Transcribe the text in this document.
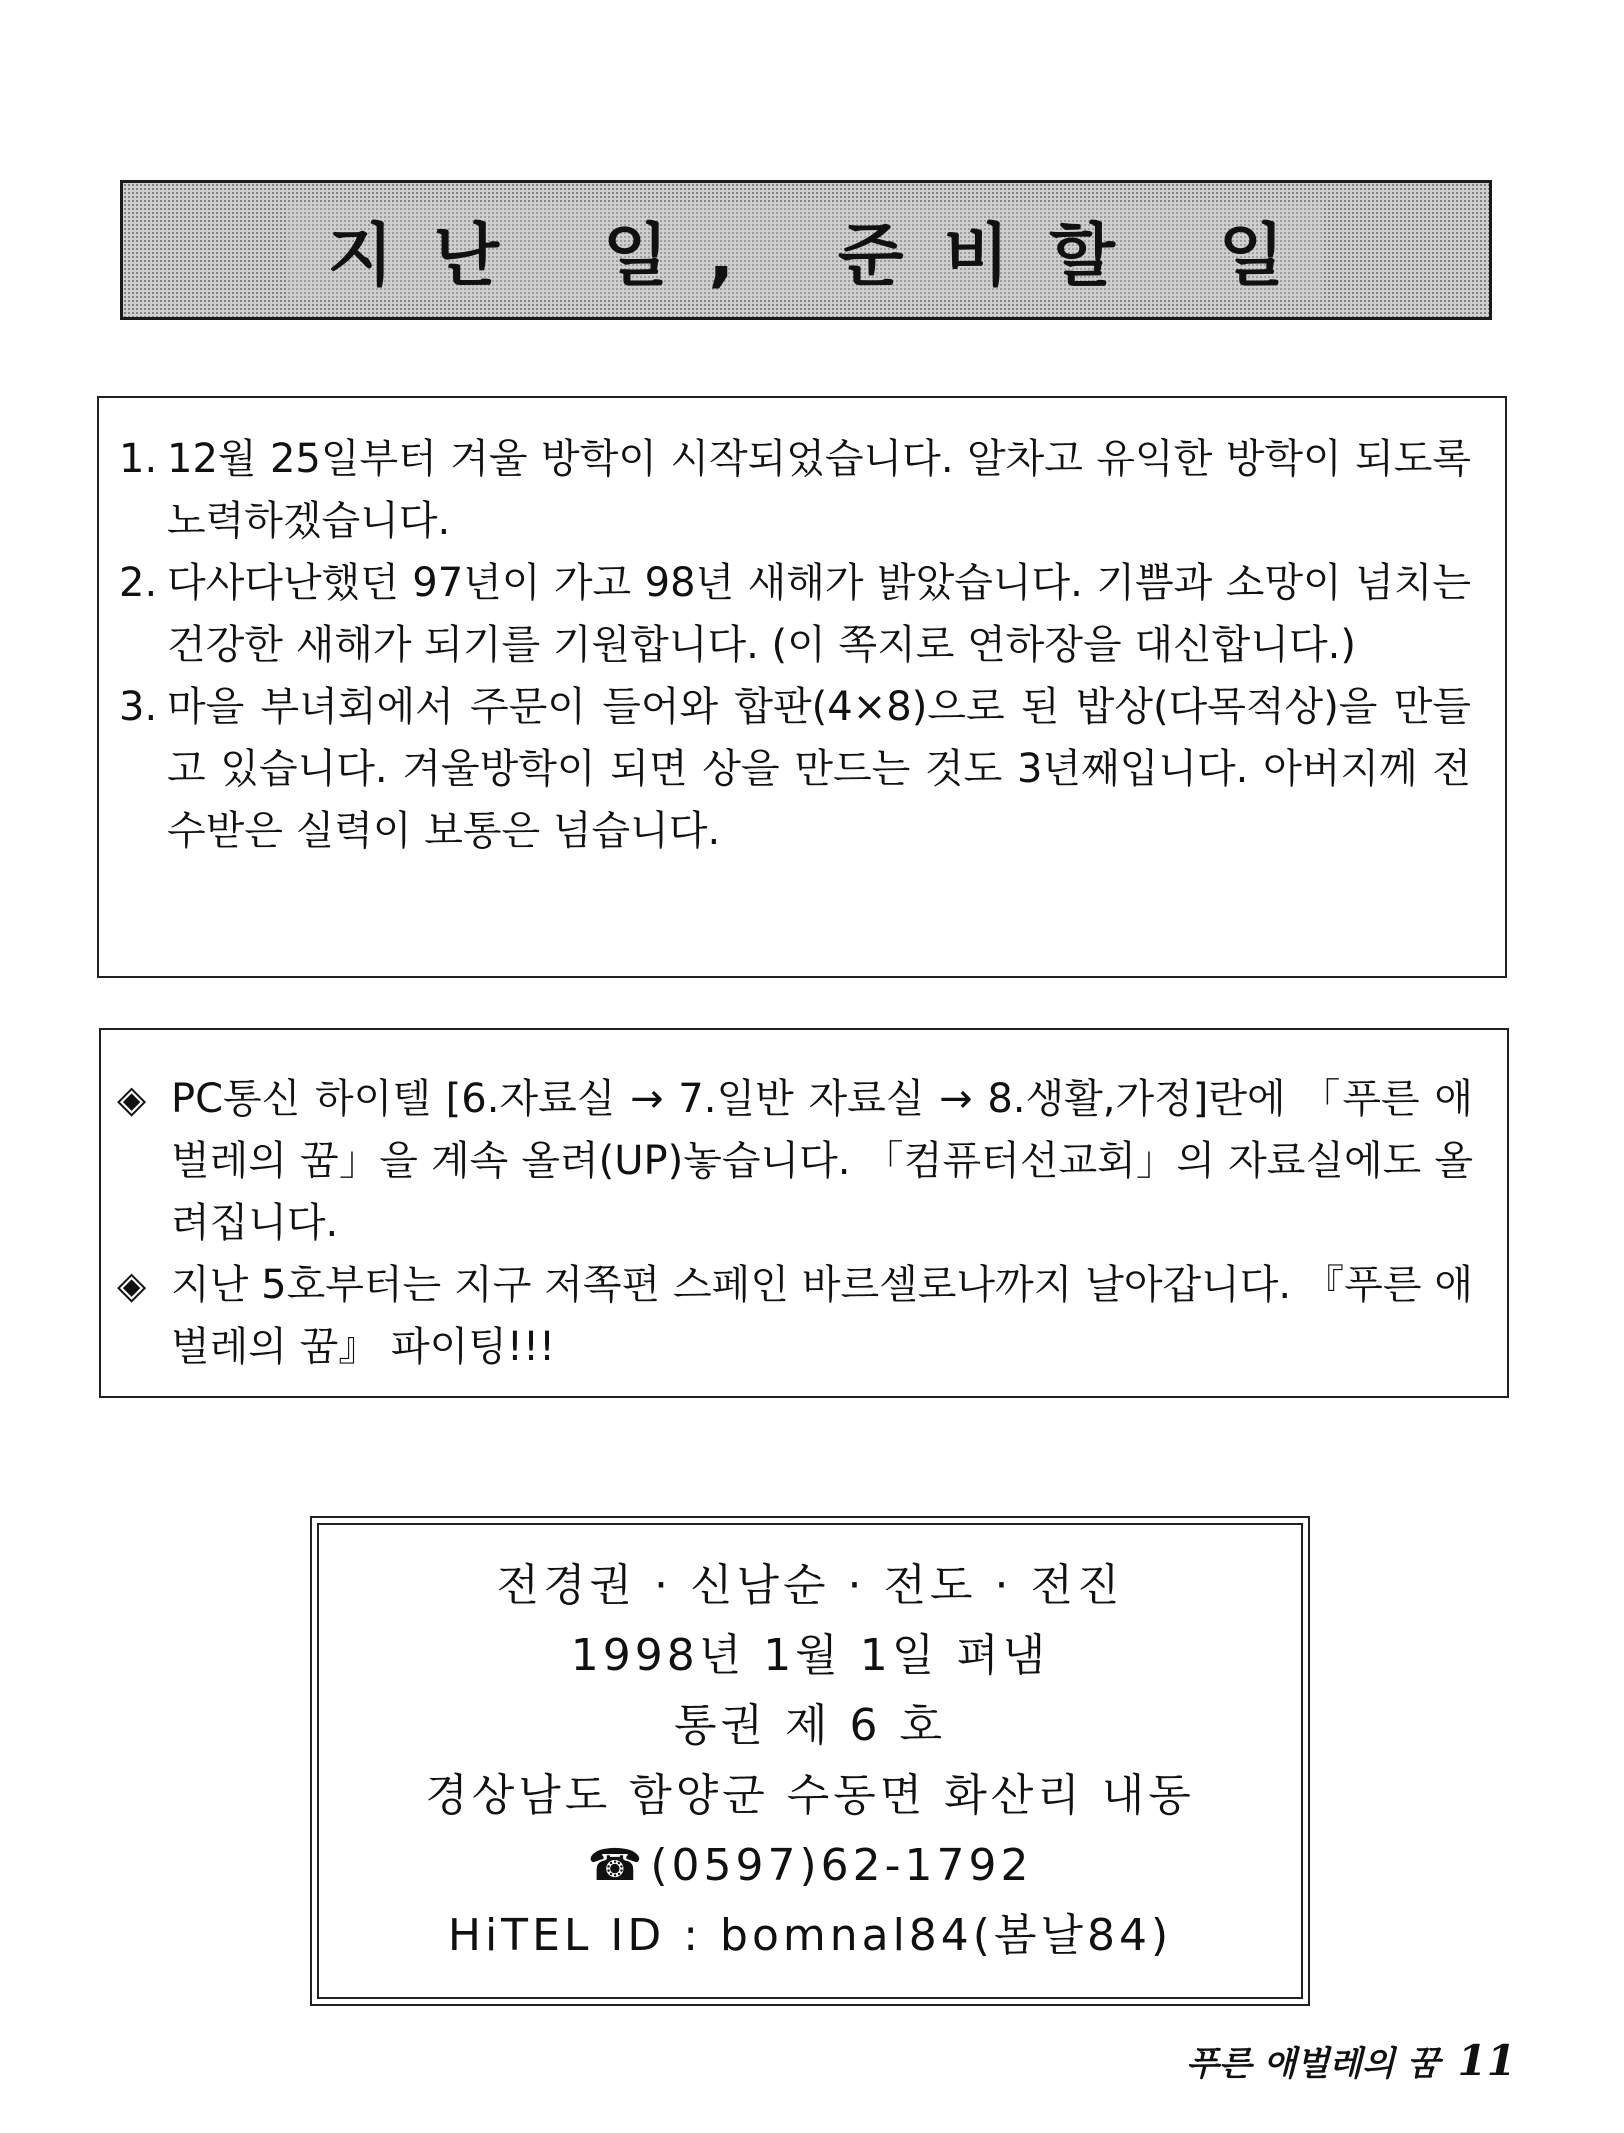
지난 일, 준비할 일
1. 12월 25일부터 겨울 방학이 시작되었습니다. 알차고 유익한 방학이 되도록 노력하겠습니다.
2. 다사다난했던 97년이 가고 98년 새해가 밝았습니다. 기쁨과 소망이 넘치는 건강한 새해가 되기를 기원합니다. (이 쪽지로 연하장을 대신합니다.)
3. 마을 부녀회에서 주문이 들어와 합판(4×8)으로 된 밥상(다목적상)을 만들고 있습니다. 겨울방학이 되면 상을 만드는 것도 3년째입니다. 아버지께 전수받은 실력이 보통은 넘습니다.
◈ PC통신 하이텔 [6.자료실 → 7.일반 자료실 → 8.생활,가정]란에 「푸른 애벌레의 꿈」을 계속 올려(UP)놓습니다. 「컴퓨터선교회」의 자료실에도 올려집니다.
◈ 지난 5호부터는 지구 저쪽편 스페인 바르셀로나까지 날아갑니다. 『푸른 애벌레의 꿈』 파이팅!!!
전경권 · 신남순 · 전도 · 전진
1998년 1월 1일 펴냄
통권 제 6 호
경상남도 함양군 수동면 화산리 내동
☎(0597)62-1792
HiTEL ID : bomnal84(봄날84)
푸른 애벌레의 꿈 11
